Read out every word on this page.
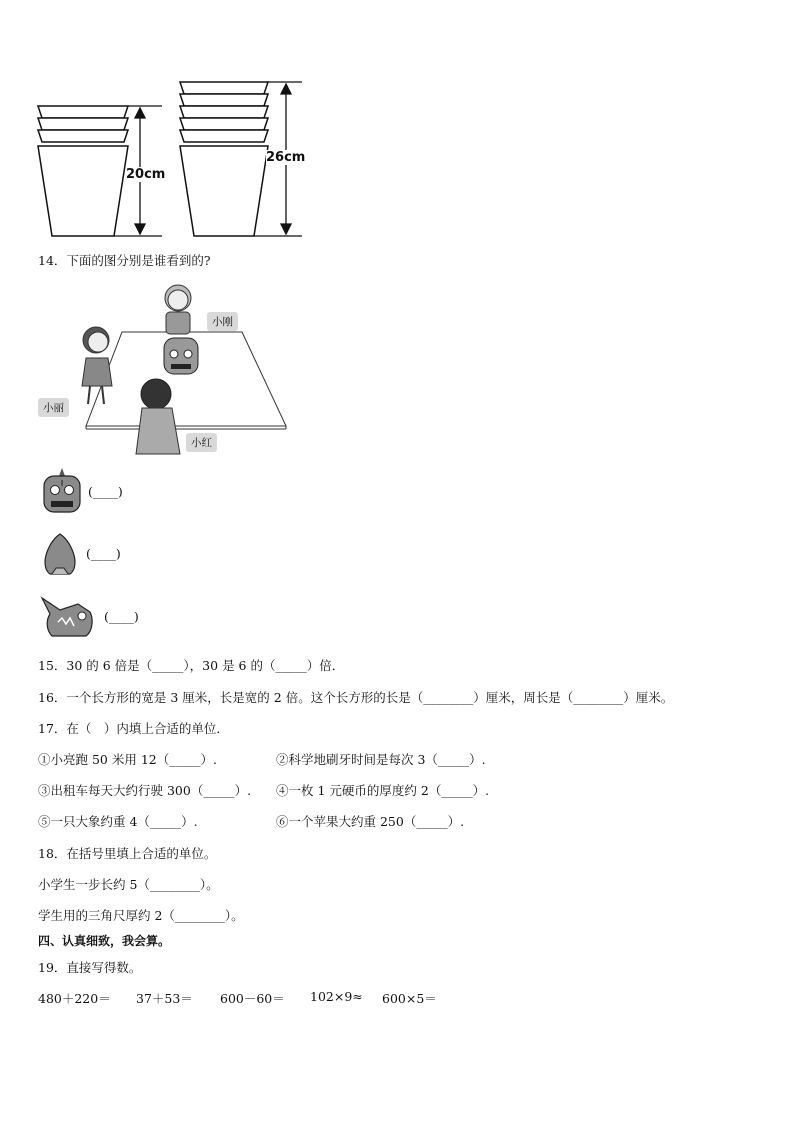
20cm
26cm
14．下面的图分别是谁看到的?
小刚
小丽
小红
(____)
(____)
(____)
15．30 的 6 倍是（_____），30 是 6 的（_____）倍．
16．一个长方形的宽是 3 厘米，长是宽的 2 倍。这个长方形的长是（________）厘米，周长是（________）厘米。
17．在（　）内填上合适的单位．
①小亮跑 50 米用 12（_____）.	②科学地刷牙时间是每次 3（_____）.
③出租车每天大约行驶 300（_____）. ④一枚 1 元硬币的厚度约 2（_____）.
⑤一只大象约重 4（_____）.	⑥一个苹果大约重 250（_____）.
18．在括号里填上合适的单位。
小学生一步长约 5（________）。
学生用的三角尺厚约 2（________）。
四、认真细致，我会算。
19．直接写得数。
480＋220＝ 37＋53＝ 600－60＝ 102×9≈ 600×5＝
